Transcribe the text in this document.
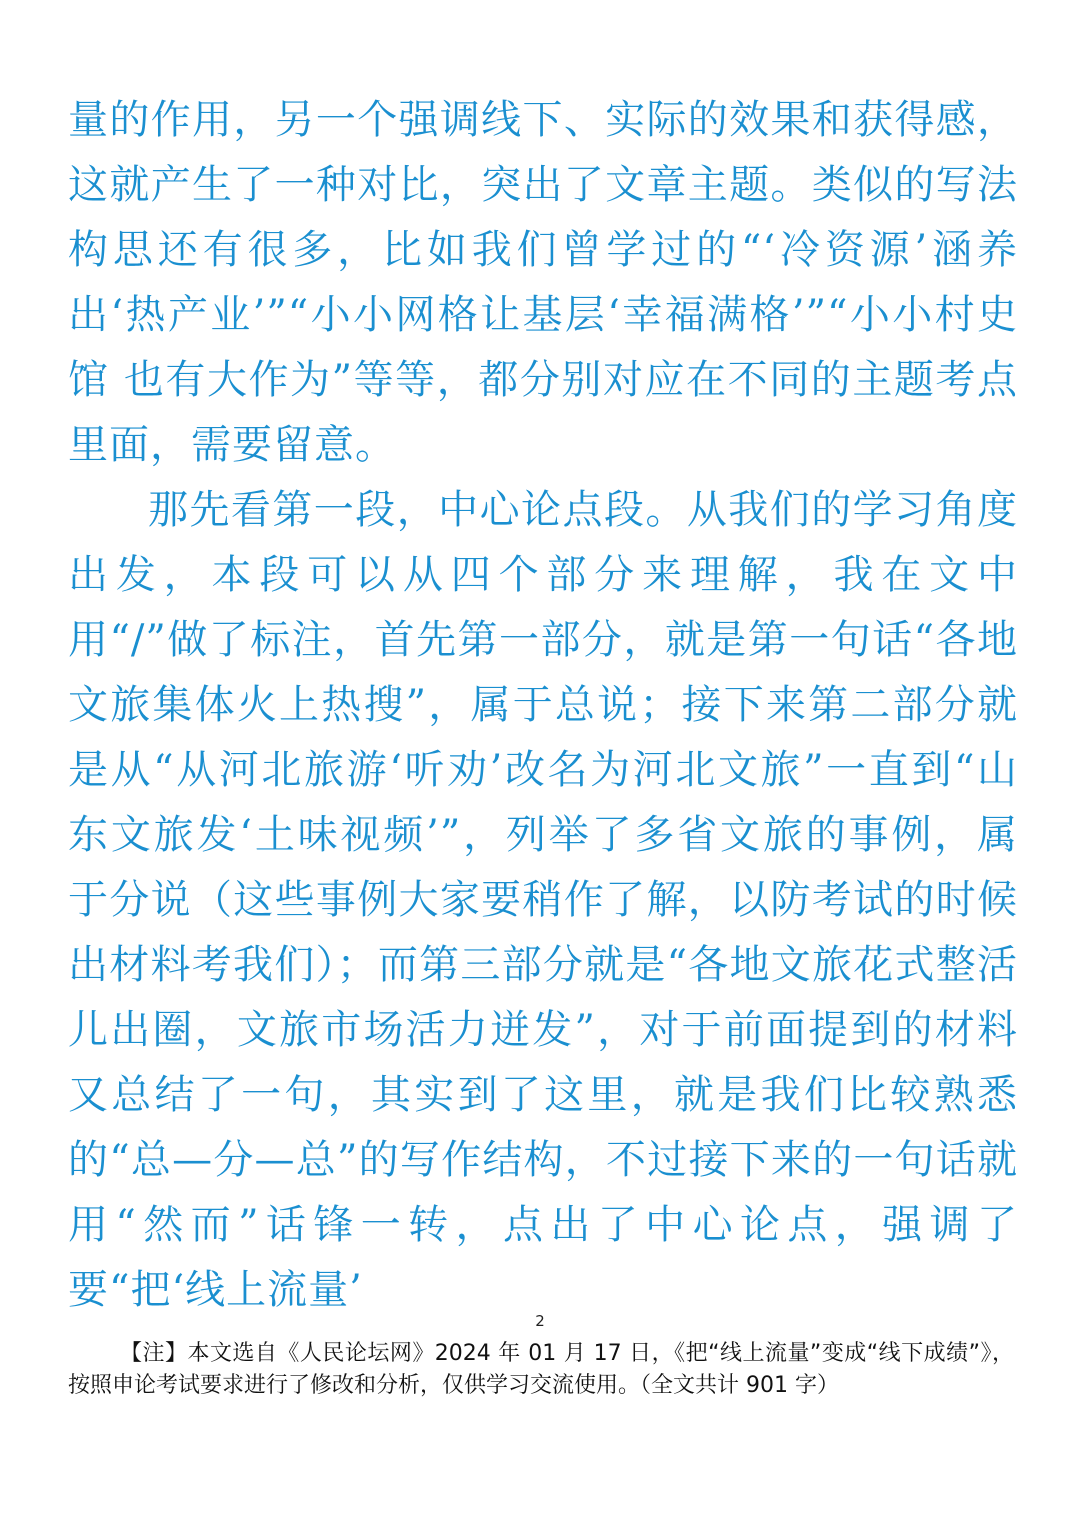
量的作用，另一个强调线下、实际的效果和获得感，这就产生了一种对比，突出了文章主题。类似的写法构思还有很多，比如我们曾学过的“‘冷资源’涵养出‘热产业’”“小小网格让基层‘幸福满格’”“小小村史馆 也有大作为”等等，都分别对应在不同的主题考点里面，需要留意。

那先看第一段，中心论点段。从我们的学习角度出发，本段可以从四个部分来理解，我在文中用“/”做了标注，首先第一部分，就是第一句话“各地文旅集体火上热搜”，属于总说；接下来第二部分就是从“从河北旅游‘听劝’改名为河北文旅”一直到“山东文旅发‘土味视频’”，列举了多省文旅的事例，属于分说（这些事例大家要稍作了解，以防考试的时候出材料考我们）；而第三部分就是“各地文旅花式整活儿出圈，文旅市场活力迸发”，对于前面提到的材料又总结了一句，其实到了这里，就是我们比较熟悉的“总—分—总”的写作结构，不过接下来的一句话就用“然而”话锋一转，点出了中心论点，强调了要“把‘线上流量’

2

【注】本文选自《人民论坛网》2024 年 01 月 17 日，《把“线上流量”变成“线下成绩”》，按照申论考试要求进行了修改和分析，仅供学习交流使用。（全文共计 901 字）
